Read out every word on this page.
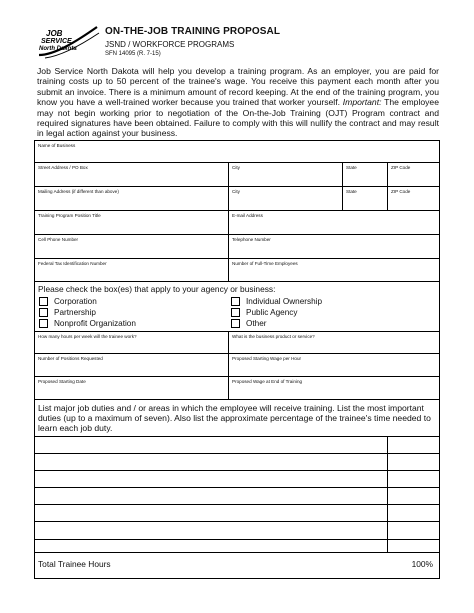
JOB
SERVICE
North Dakota
ON-THE-JOB TRAINING PROPOSAL
JSND / WORKFORCE PROGRAMS
SFN 14095 (R. 7-15)
Job Service North Dakota will help you develop a training program. As an employer, you are paid for training costs up to 50 percent of the trainee's wage. You receive this payment each month after you submit an invoice. There is a minimum amount of record keeping. At the end of the training program, you know you have a well-trained worker because you trained that worker yourself. Important: The employee may not begin working prior to negotiation of the On-the-Job Training (OJT) Program contract and required signatures have been obtained. Failure to comply with this will nullify the contract and may result in legal action against your business.
Name of Business
Street Address / PO Box	City	State	ZIP Code
Mailing Address (if different than above)	City	State	ZIP Code
Training Program Position Title	E-mail Address
Cell Phone Number	Telephone Number
Federal Tax Identification Number	Number of Full-Time Employees
Please check the box(es) that apply to your agency or business:
Corporation
Partnership
Nonprofit Organization
Individual Ownership
Public Agency
Other
How many hours per week will the trainee work?	What is the business product or service?
Number of Positions Requested	Proposed Starting Wage per Hour
Proposed Starting Date	Proposed Wage at End of Training
List major job duties and / or areas in which the employee will receive training. List the most important duties (up to a maximum of seven). Also list the approximate percentage of the trainee's time needed to learn each job duty.
Total Trainee Hours	100%
